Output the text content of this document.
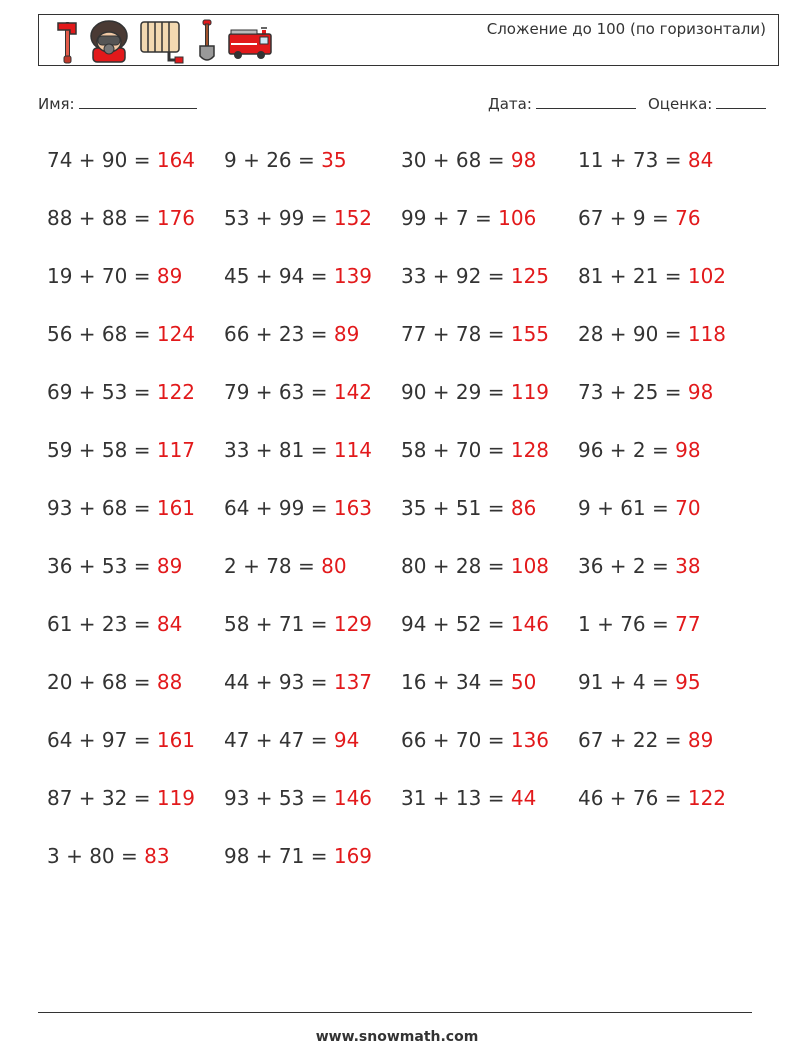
Сложение до 100 (по горизонтали)
Имя:	Дата:	Оценка:
74 + 90 = 164 9 + 26 = 35	30 + 68 = 98 11 + 73 = 84
88 + 88 = 176 53 + 99 = 152 99 + 7 = 106 67 + 9 = 76
19 + 70 = 89 45 + 94 = 139 33 + 92 = 125 81 + 21 = 102
56 + 68 = 124 66 + 23 = 89 77 + 78 = 155 28 + 90 = 118
69 + 53 = 122 79 + 63 = 142 90 + 29 = 119 73 + 25 = 98
59 + 58 = 117 33 + 81 = 114 58 + 70 = 128 96 + 2 = 98
93 + 68 = 161 64 + 99 = 163 35 + 51 = 86 9 + 61 = 70
36 + 53 = 89 2 + 78 = 80	80 + 28 = 108 36 + 2 = 38
61 + 23 = 84 58 + 71 = 129 94 + 52 = 146 1 + 76 = 77
20 + 68 = 88 44 + 93 = 137 16 + 34 = 50 91 + 4 = 95
64 + 97 = 161 47 + 47 = 94 66 + 70 = 136 67 + 22 = 89
87 + 32 = 119 93 + 53 = 146 31 + 13 = 44 46 + 76 = 122
3 + 80 = 83	98 + 71 = 169
www.snowmath.com
